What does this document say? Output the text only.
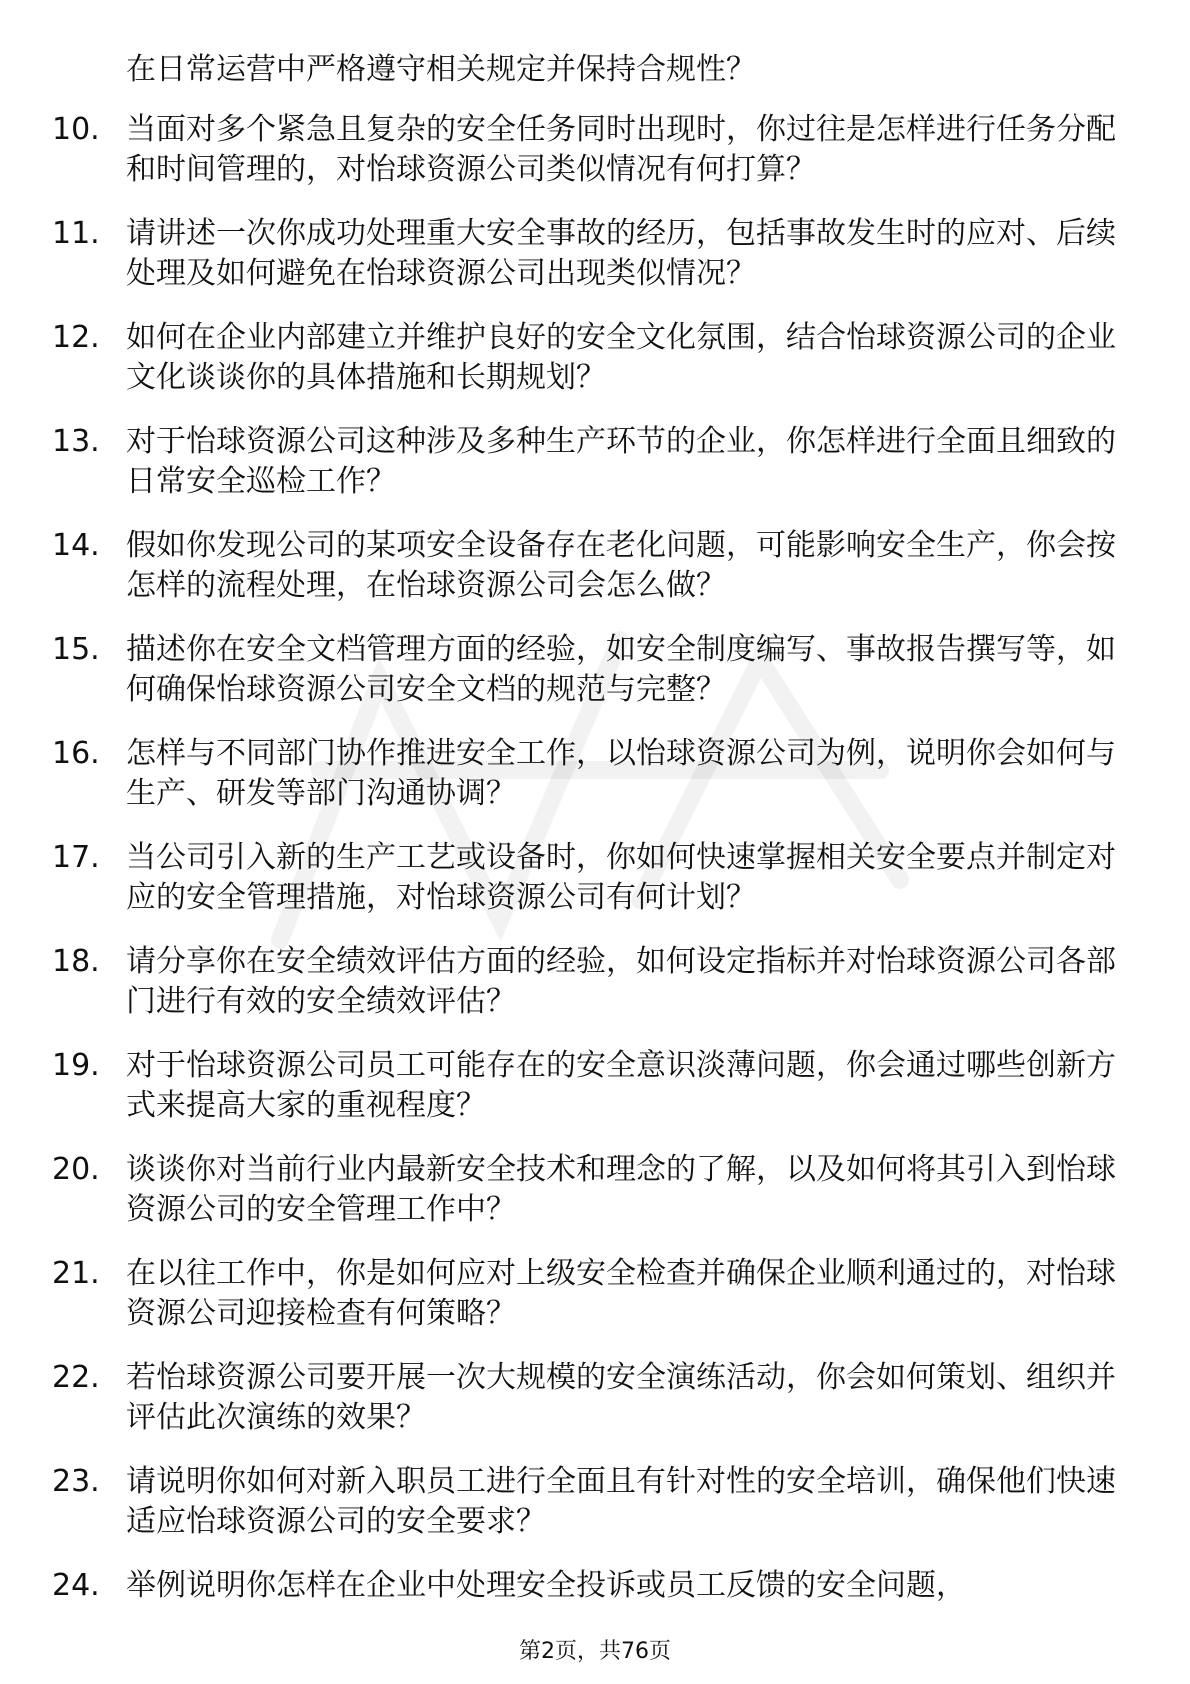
在日常运营中严格遵守相关规定并保持合规性？

10. 当面对多个紧急且复杂的安全任务同时出现时，你过往是怎样进行任务分配和时间管理的，对怡球资源公司类似情况有何打算？
11. 请讲述一次你成功处理重大安全事故的经历，包括事故发生时的应对、后续处理及如何避免在怡球资源公司出现类似情况？
12. 如何在企业内部建立并维护良好的安全文化氛围，结合怡球资源公司的企业文化谈谈你的具体措施和长期规划？
13. 对于怡球资源公司这种涉及多种生产环节的企业，你怎样进行全面且细致的日常安全巡检工作？
14. 假如你发现公司的某项安全设备存在老化问题，可能影响安全生产，你会按怎样的流程处理，在怡球资源公司会怎么做？
15. 描述你在安全文档管理方面的经验，如安全制度编写、事故报告撰写等，如何确保怡球资源公司安全文档的规范与完整？
16. 怎样与不同部门协作推进安全工作，以怡球资源公司为例，说明你会如何与生产、研发等部门沟通协调？
17. 当公司引入新的生产工艺或设备时，你如何快速掌握相关安全要点并制定对应的安全管理措施，对怡球资源公司有何计划？
18. 请分享你在安全绩效评估方面的经验，如何设定指标并对怡球资源公司各部门进行有效的安全绩效评估？
19. 对于怡球资源公司员工可能存在的安全意识淡薄问题，你会通过哪些创新方式来提高大家的重视程度？
20. 谈谈你对当前行业内最新安全技术和理念的了解，以及如何将其引入到怡球资源公司的安全管理工作中？
21. 在以往工作中，你是如何应对上级安全检查并确保企业顺利通过的，对怡球资源公司迎接检查有何策略？
22. 若怡球资源公司要开展一次大规模的安全演练活动，你会如何策划、组织并评估此次演练的效果？
23. 请说明你如何对新入职员工进行全面且有针对性的安全培训，确保他们快速适应怡球资源公司的安全要求？
24. 举例说明你怎样在企业中处理安全投诉或员工反馈的安全问题，
第2页，共76页
